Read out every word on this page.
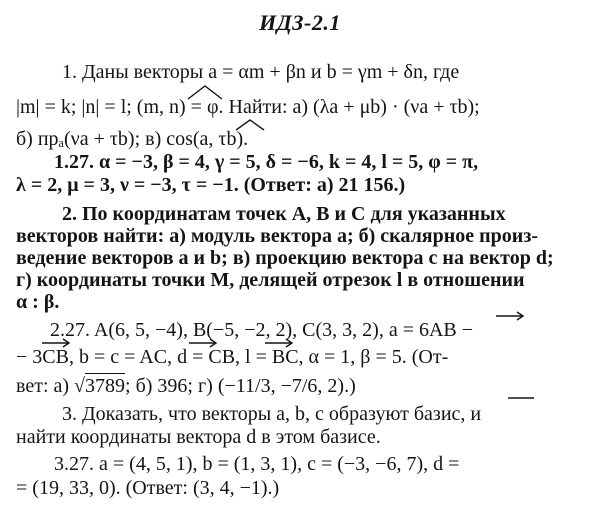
ИДЗ-2.1
1. Даны векторы a = αm + βn и b = γm + δn, где
|m| = k; |n| = l; (m, n) = φ. Найти: а) (λa + μb) · (νa + τb);
б) прₐ(νa + τb); в) cos(a, τb).
1.27. α = −3, β = 4, γ = 5, δ = −6, k = 4, l = 5, φ = π,
λ = 2, μ = 3, ν = −3, τ = −1. (Ответ: а) 21 156.)
2. По координатам точек A, B и C для указанных
векторов найти: а) модуль вектора a; б) скалярное произ-
ведение векторов a и b; в) проекцию вектора c на вектор d;
г) координаты точки M, делящей отрезок l в отношении
α : β.
2.27. A(6, 5, −4), B(−5, −2, 2), C(3, 3, 2), a = 6AB −
− 3CB, b = c = AC, d = CB, l = BC, α = 1, β = 5. (От-
вет: а) √3789; б) 396; г) (−11/3, −7/6, 2).)
3. Доказать, что векторы a, b, c образуют базис, и
найти координаты вектора d в этом базисе.
3.27. a = (4, 5, 1), b = (1, 3, 1), c = (−3, −6, 7), d =
= (19, 33, 0). (Ответ: (3, 4, −1).)
